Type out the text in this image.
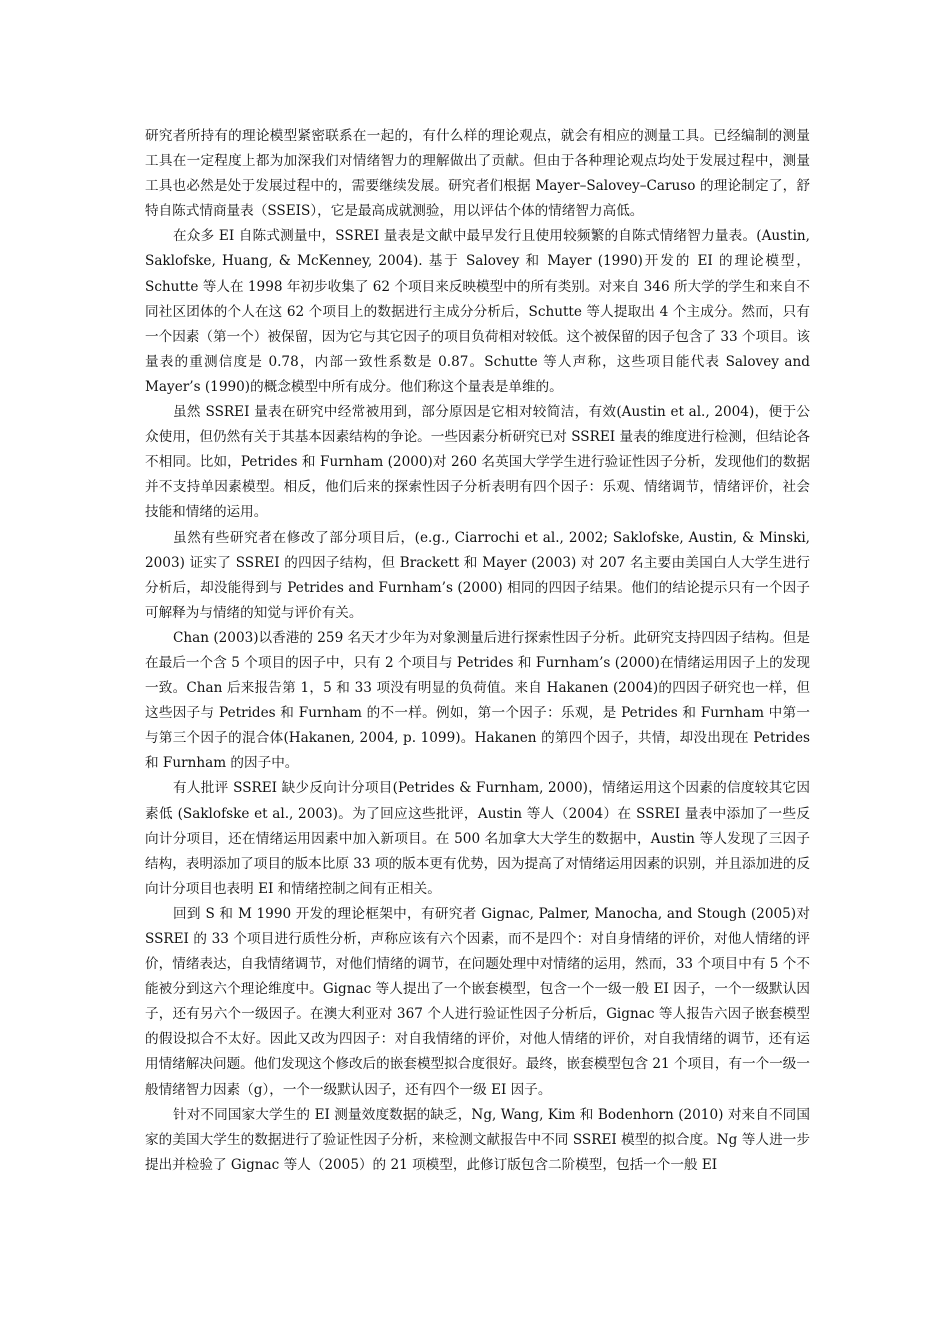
研究者所持有的理论模型紧密联系在一起的，有什么样的理论观点，就会有相应的测量工具。已经编制的测量工具在一定程度上都为加深我们对情绪智力的理解做出了贡献。但由于各种理论观点均处于发展过程中，测量工具也必然是处于发展过程中的，需要继续发展。研究者们根据 Mayer–Salovey–Caruso 的理论制定了，舒特自陈式情商量表（SSEIS），它是最高成就测验，用以评估个体的情绪智力高低。

在众多 EI 自陈式测量中，SSREI 量表是文献中最早发行且使用较频繁的自陈式情绪智力量表。(Austin, Saklofske, Huang, & McKenney, 2004). 基于 Salovey 和 Mayer (1990)开发的 EI 的理论模型，Schutte 等人在 1998 年初步收集了 62 个项目来反映模型中的所有类别。对来自 346 所大学的学生和来自不同社区团体的个人在这 62 个项目上的数据进行主成分分析后，Schutte 等人提取出 4 个主成分。然而，只有一个因素（第一个）被保留，因为它与其它因子的项目负荷相对较低。这个被保留的因子包含了 33 个项目。该量表的重测信度是 0.78，内部一致性系数是 0.87。Schutte 等人声称，这些项目能代表 Salovey and Mayer’s (1990)的概念模型中所有成分。他们称这个量表是单维的。

虽然 SSREI 量表在研究中经常被用到，部分原因是它相对较简洁，有效(Austin et al., 2004)，便于公众使用，但仍然有关于其基本因素结构的争论。一些因素分析研究已对 SSREI 量表的维度进行检测，但结论各不相同。比如，Petrides 和 Furnham (2000)对 260 名英国大学学生进行验证性因子分析，发现他们的数据并不支持单因素模型。相反，他们后来的探索性因子分析表明有四个因子：乐观、情绪调节，情绪评价，社会技能和情绪的运用。

虽然有些研究者在修改了部分项目后，(e.g., Ciarrochi et al., 2002; Saklofske, Austin, & Minski, 2003) 证实了 SSREI 的四因子结构，但 Brackett 和 Mayer (2003) 对 207 名主要由美国白人大学生进行分析后，却没能得到与 Petrides and Furnham’s (2000) 相同的四因子结果。他们的结论提示只有一个因子可解释为与情绪的知觉与评价有关。

Chan (2003)以香港的 259 名天才少年为对象测量后进行探索性因子分析。此研究支持四因子结构。但是在最后一个含 5 个项目的因子中，只有 2 个项目与 Petrides 和 Furnham’s (2000)在情绪运用因子上的发现一致。Chan 后来报告第 1，5 和 33 项没有明显的负荷值。来自 Hakanen (2004)的四因子研究也一样，但这些因子与 Petrides 和 Furnham 的不一样。例如，第一个因子：乐观，是 Petrides 和 Furnham 中第一与第三个因子的混合体(Hakanen, 2004, p. 1099)。Hakanen 的第四个因子，共情，却没出现在 Petrides 和 Furnham 的因子中。

有人批评 SSREI 缺少反向计分项目(Petrides & Furnham, 2000)，情绪运用这个因素的信度较其它因素低 (Saklofske et al., 2003)。为了回应这些批评，Austin 等人（2004）在 SSREI 量表中添加了一些反向计分项目，还在情绪运用因素中加入新项目。在 500 名加拿大大学生的数据中，Austin 等人发现了三因子结构，表明添加了项目的版本比原 33 项的版本更有优势，因为提高了对情绪运用因素的识别，并且添加进的反向计分项目也表明 EI 和情绪控制之间有正相关。

回到 S 和 M 1990 开发的理论框架中，有研究者 Gignac, Palmer, Manocha, and Stough (2005)对 SSREI 的 33 个项目进行质性分析，声称应该有六个因素，而不是四个：对自身情绪的评价，对他人情绪的评价，情绪表达，自我情绪调节，对他们情绪的调节，在问题处理中对情绪的运用，然而，33 个项目中有 5 个不能被分到这六个理论维度中。Gignac 等人提出了一个嵌套模型，包含一个一级一般 EI 因子，一个一级默认因子，还有另六个一级因子。在澳大利亚对 367 个人进行验证性因子分析后，Gignac 等人报告六因子嵌套模型的假设拟合不太好。因此又改为四因子：对自我情绪的评价，对他人情绪的评价，对自我情绪的调节，还有运用情绪解决问题。他们发现这个修改后的嵌套模型拟合度很好。最终，嵌套模型包含 21 个项目，有一个一级一般情绪智力因素（g），一个一级默认因子，还有四个一级 EI 因子。

针对不同国家大学生的 EI 测量效度数据的缺乏，Ng, Wang, Kim 和 Bodenhorn (2010) 对来自不同国家的美国大学生的数据进行了验证性因子分析，来检测文献报告中不同 SSREI 模型的拟合度。Ng 等人进一步提出并检验了 Gignac 等人（2005）的 21 项模型，此修订版包含二阶模型，包括一个一般 EI
